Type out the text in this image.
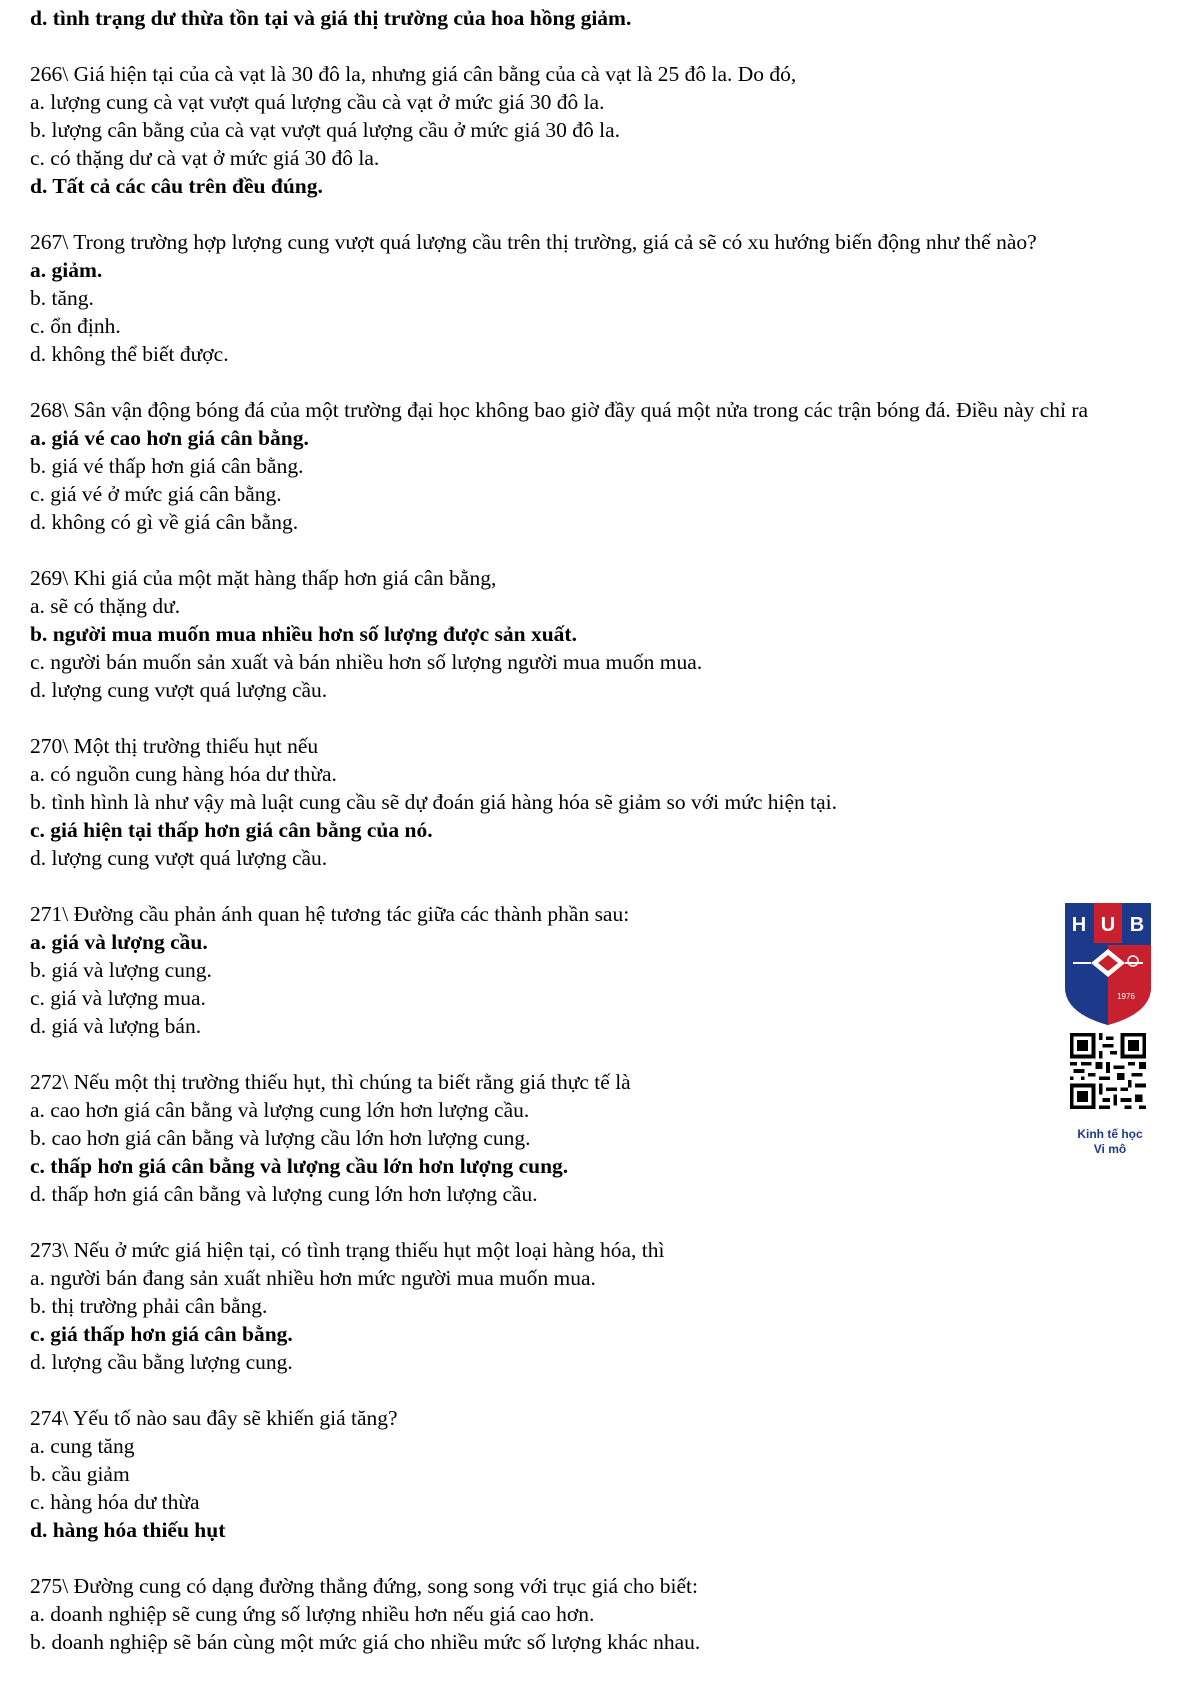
d. tình trạng dư thừa tồn tại và giá thị trường của hoa hồng giảm.
266\ Giá hiện tại của cà vạt là 30 đô la, nhưng giá cân bằng của cà vạt là 25 đô la. Do đó,
a. lượng cung cà vạt vượt quá lượng cầu cà vạt ở mức giá 30 đô la.
b. lượng cân bằng của cà vạt vượt quá lượng cầu ở mức giá 30 đô la.
c. có thặng dư cà vạt ở mức giá 30 đô la.
d. Tất cả các câu trên đều đúng.
267\ Trong trường hợp lượng cung vượt quá lượng cầu trên thị trường, giá cả sẽ có xu hướng biến động như thế nào?
a. giảm.
b. tăng.
c. ổn định.
d. không thể biết được.
268\ Sân vận động bóng đá của một trường đại học không bao giờ đầy quá một nửa trong các trận bóng đá. Điều này chỉ ra
a. giá vé cao hơn giá cân bằng.
b. giá vé thấp hơn giá cân bằng.
c. giá vé ở mức giá cân bằng.
d. không có gì về giá cân bằng.
269\ Khi giá của một mặt hàng thấp hơn giá cân bằng,
a. sẽ có thặng dư.
b. người mua muốn mua nhiều hơn số lượng được sản xuất.
c. người bán muốn sản xuất và bán nhiều hơn số lượng người mua muốn mua.
d. lượng cung vượt quá lượng cầu.
270\ Một thị trường thiếu hụt nếu
a. có nguồn cung hàng hóa dư thừa.
b. tình hình là như vậy mà luật cung cầu sẽ dự đoán giá hàng hóa sẽ giảm so với mức hiện tại.
c. giá hiện tại thấp hơn giá cân bằng của nó.
d. lượng cung vượt quá lượng cầu.
271\ Đường cầu phản ánh quan hệ tương tác giữa các thành phần sau:
a. giá và lượng cầu.
b. giá và lượng cung.
c. giá và lượng mua.
d. giá và lượng bán.
272\ Nếu một thị trường thiếu hụt, thì chúng ta biết rằng giá thực tế là
a. cao hơn giá cân bằng và lượng cung lớn hơn lượng cầu.
b. cao hơn giá cân bằng và lượng cầu lớn hơn lượng cung.
c. thấp hơn giá cân bằng và lượng cầu lớn hơn lượng cung.
d. thấp hơn giá cân bằng và lượng cung lớn hơn lượng cầu.
273\ Nếu ở mức giá hiện tại, có tình trạng thiếu hụt một loại hàng hóa, thì
a. người bán đang sản xuất nhiều hơn mức người mua muốn mua.
b. thị trường phải cân bằng.
c. giá thấp hơn giá cân bằng.
d. lượng cầu bằng lượng cung.
274\ Yếu tố nào sau đây sẽ khiến giá tăng?
a. cung tăng
b. cầu giảm
c. hàng hóa dư thừa
d. hàng hóa thiếu hụt
275\ Đường cung có dạng đường thẳng đứng, song song với trục giá cho biết:
a. doanh nghiệp sẽ cung ứng số lượng nhiều hơn nếu giá cao hơn.
b. doanh nghiệp sẽ bán cùng một mức giá cho nhiều mức số lượng khác nhau.
H U B
1976
Kinh tế học
Vi mô
